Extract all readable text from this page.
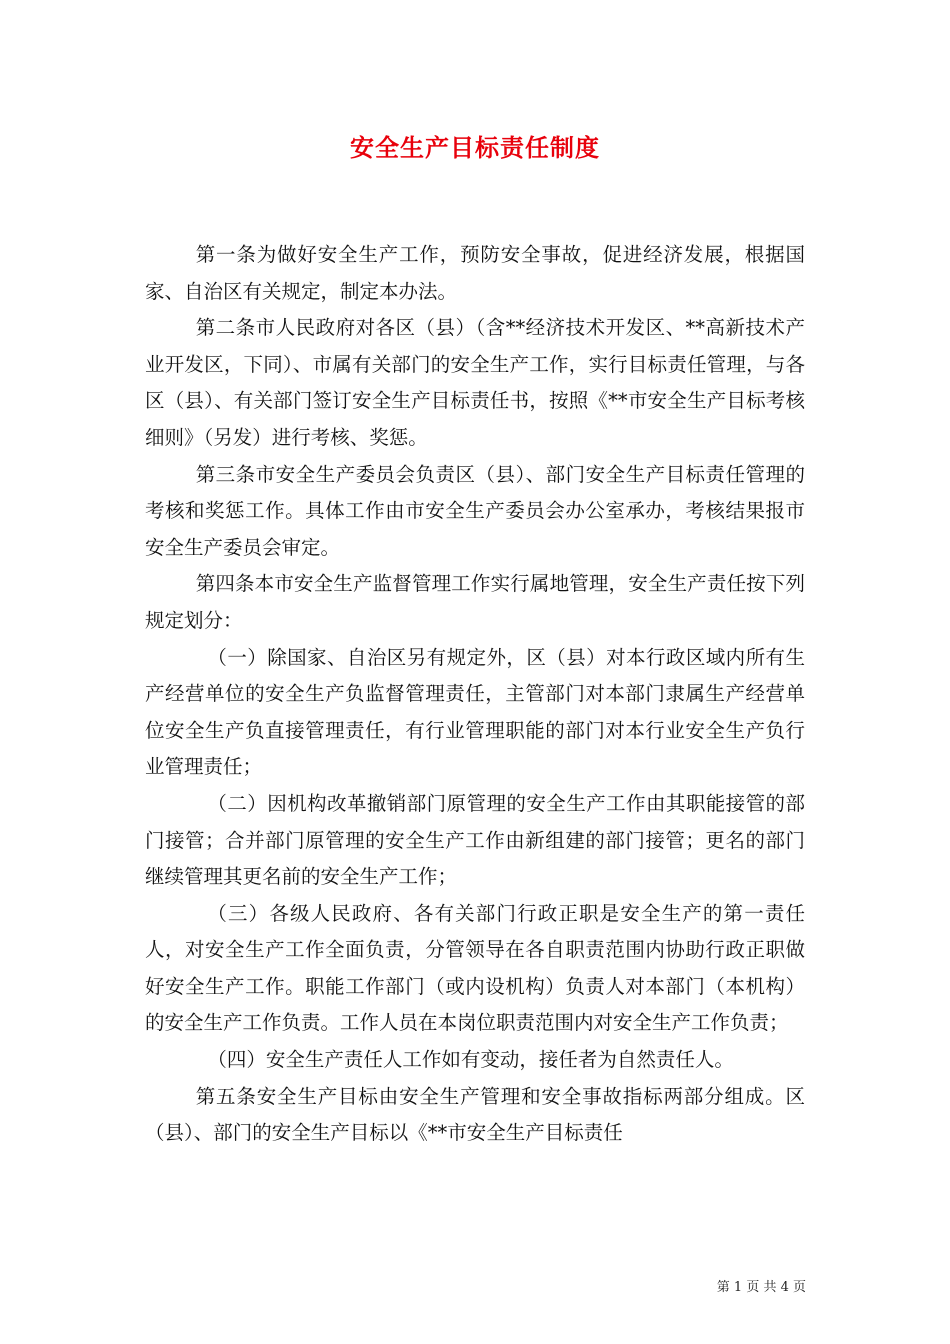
安全生产目标责任制度

第一条为做好安全生产工作，预防安全事故，促进经济发展，根据国家、自治区有关规定，制定本办法。

第二条市人民政府对各区（县）（含**经济技术开发区、**高新技术产业开发区，下同）、市属有关部门的安全生产工作，实行目标责任管理，与各区（县）、有关部门签订安全生产目标责任书，按照《**市安全生产目标考核细则》（另发）进行考核、奖惩。

第三条市安全生产委员会负责区（县）、部门安全生产目标责任管理的考核和奖惩工作。具体工作由市安全生产委员会办公室承办，考核结果报市安全生产委员会审定。

第四条本市安全生产监督管理工作实行属地管理，安全生产责任按下列规定划分：

（一）除国家、自治区另有规定外，区（县）对本行政区域内所有生产经营单位的安全生产负监督管理责任，主管部门对本部门隶属生产经营单位安全生产负直接管理责任，有行业管理职能的部门对本行业安全生产负行业管理责任；

（二）因机构改革撤销部门原管理的安全生产工作由其职能接管的部门接管；合并部门原管理的安全生产工作由新组建的部门接管；更名的部门继续管理其更名前的安全生产工作；

（三）各级人民政府、各有关部门行政正职是安全生产的第一责任人，对安全生产工作全面负责，分管领导在各自职责范围内协助行政正职做好安全生产工作。职能工作部门（或内设机构）负责人对本部门（本机构）的安全生产工作负责。工作人员在本岗位职责范围内对安全生产工作负责；

（四）安全生产责任人工作如有变动，接任者为自然责任人。

第五条安全生产目标由安全生产管理和安全事故指标两部分组成。区（县）、部门的安全生产目标以《**市安全生产目标责任

第 1 页 共 4 页
